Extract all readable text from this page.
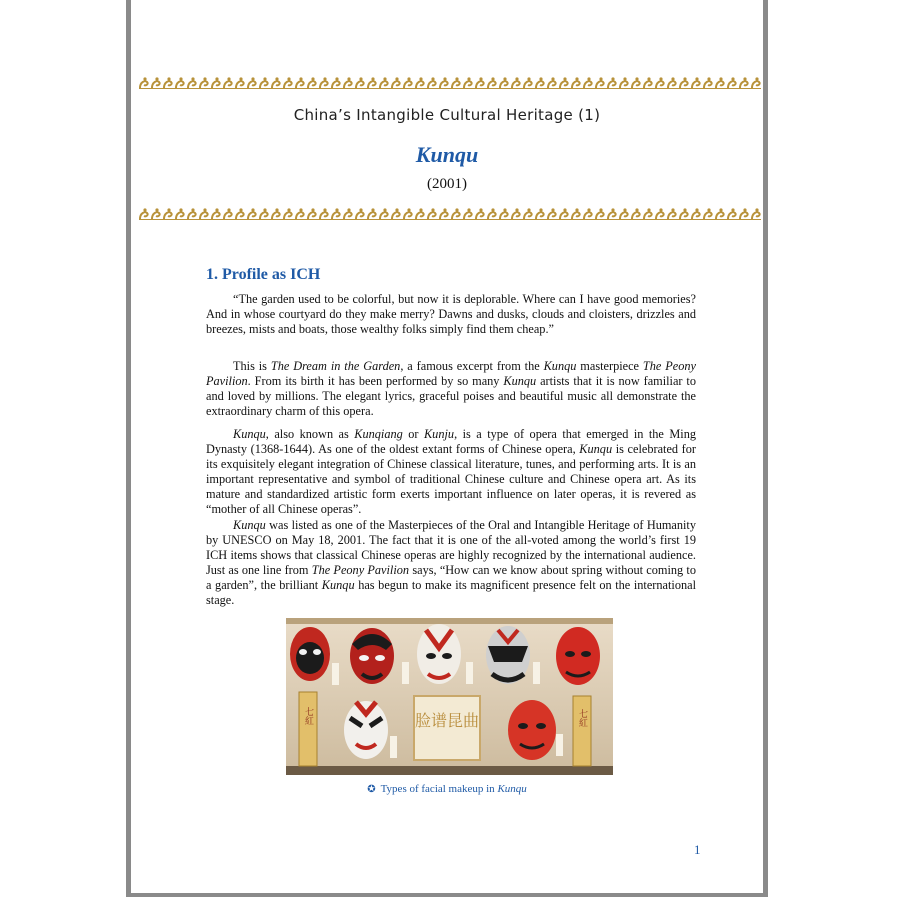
China’s Intangible Cultural Heritage (1)
Kunqu
(2001)
1. Profile as ICH

“The garden used to be colorful, but now it is deplorable. Where can I have good memories? And in whose courtyard do they make merry? Dawns and dusks, clouds and cloisters, drizzles and breezes, mists and boats, those wealthy folks simply find them cheap.”

This is The Dream in the Garden, a famous excerpt from the Kunqu masterpiece The Peony Pavilion. From its birth it has been performed by so many Kunqu artists that it is now familiar to and loved by millions. The elegant lyrics, graceful poises and beautiful music all demonstrate the extraordinary charm of this opera.

Kunqu, also known as Kunqiang or Kunju, is a type of opera that emerged in the Ming Dynasty (1368-1644). As one of the oldest extant forms of Chinese opera, Kunqu is celebrated for its exquisitely elegant integration of Chinese classical literature, tunes, and performing arts. It is an important representative and symbol of traditional Chinese culture and Chinese opera art. As its mature and standardized artistic form exerts important influence on later operas, it is revered as “mother of all Chinese operas”.

Kunqu was listed as one of the Masterpieces of the Oral and Intangible Heritage of Humanity by UNESCO on May 18, 2001. The fact that it is one of the all-voted among the world’s first 19 ICH items shows that classical Chinese operas are highly recognized by the international audience. Just as one line from The Peony Pavilion says, “How can we know about spring without coming to a garden”, the brilliant Kunqu has begun to make its magnificent presence felt on the international stage.

七紅	七紅
脸谱昆曲
✪ Types of facial makeup in Kunqu
1
